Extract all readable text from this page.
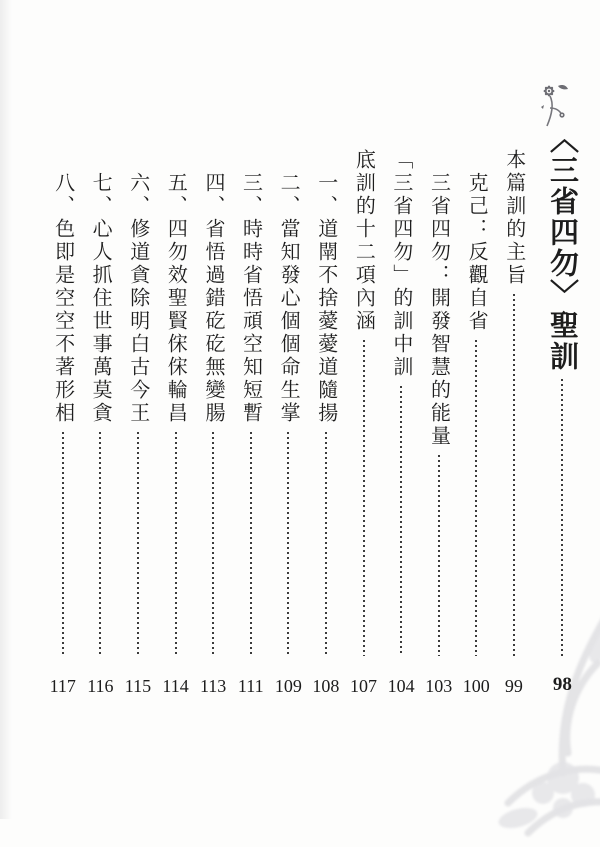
〈三省四勿〉聖訓
98
本篇訓的主旨
99
克己：反觀自省
100
三省四勿：開發智慧的能量
103
「三省四勿」的訓中訓
104
底訓的十二項內涵
107
一、道閛不捨薆薆道隨揚
108
二、當知發心個個命生掌
109
三、時時省悟頑空知短暫
111
四、省悟過錯矻矻無變腸
113
五、四勿效聖賢俕俕輪昌
114
六、修道貪除明白古今王
115
七、心人抓住世事萬莫貪
116
八、色即是空空不著形相
117
